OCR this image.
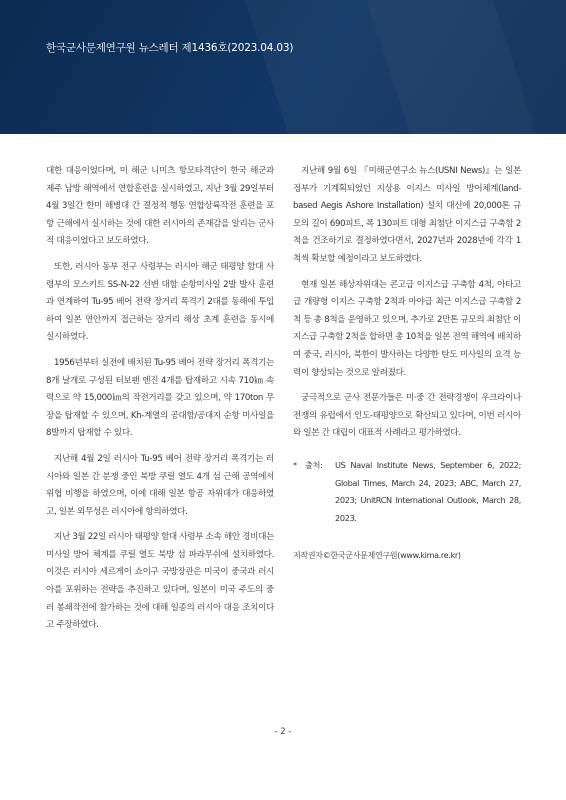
한국군사문제연구원 뉴스레터 제1436호(2023.04.03)

대한 대응이었다며, 미 해군 니미츠 항모타격단이 한국 해군과 제주 남방 해역에서 연합훈련을 실시하였고, 지난 3월 29일부터 4월 3일간 한미 해병대 간 결정적 행동 연합상륙작전 훈련을 포항 근해에서 실시하는 것에 대한 러시아의 존재감을 알리는 군사적 대응이었다고 보도하였다.

또한, 러시아 동부 전구 사령부는 러시아 해군 태평양 함대 사령부의 모스키트 SS-N-22 선변 대함 순항미사일 2발 발사 훈련과 연계하여 Tu-95 베어 전략 장거리 폭격기 2대를 동해에 투입하여 일본 연안까지 접근하는 장거리 해상 초계 훈련을 동시에 실시하였다.

1956년부터 실전에 배치된 Tu-95 베어 전략 장거리 폭격기는 8개 날개로 구성된 터보팬 엔진 4개를 탑재하고 시속 710㎞ 속력으로 약 15,000㎞의 작전거리를 갖고 있으며, 약 170ton 무장을 탑재할 수 있으며, Kh-계열의 공대함/공대지 순항 미사일을 8발까지 탑재할 수 있다.

지난해 4월 2일 러시아 Tu-95 베어 전략 장거리 폭격기는 러시아와 일본 간 분쟁 중인 북방 쿠릴 열도 4개 섬 근해 공역에서 위협 비행을 하였으며, 이에 대해 일본 항공 자위대가 대응하였고, 일본 외무성은 러시아에 항의하였다.

지난 3월 22일 러시아 태평양 함대 사령부 소속 해안 경비대는 미사일 방어 체계를 쿠릴 열도 북방 섬 파라무쉬에 설치하였다. 이것은 러시아 세르게이 쇼이구 국방장관은 미국이 중국과 러시아를 포위하는 전략을 추진하고 있다며, 일본이 미국 주도의 중러 봉쇄작전에 참가하는 것에 대해 일종의 러시아 대응 조치이다고 주장하였다.

지난해 9월 6일 『미해군연구소 뉴스(USNI News)』는 일본 정부가 기계획되었던 지상용 이지스 미사일 방어체계(land-based Aegis Ashore Installation) 설치 대신에 20,000톤 규모의 길이 690피트, 폭 130피트 대형 최첨단 이지스급 구축함 2척을 건조하기로 결정하였다면서, 2027년과 2028년에 각각 1척씩 확보할 예정이라고 보도하였다.

현재 일본 해상자위대는 콘고급 이지스급 구축함 4척, 아타고급 개량형 이지스 구축함 2척과 마야급 최근 이지스급 구축함 2척 등 총 8척을 운영하고 있으며, 추가로 2만톤 규모의 최첨단 이지스급 구축함 2척을 합하면 총 10척을 일본 전역 해역에 배치하여 중국, 러시아, 북한이 발사하는 다양한 탄도 미사일의 요격 능력이 향상되는 것으로 알려졌다.

궁극적으로 군사 전문가들은 미·중 간 전략경쟁이 우크라이나 전쟁의 유럽에서 인도-태평양으로 확산되고 있다며, 이번 러시아와 일본 간 대립이 대표적 사례라고 평가하였다.

*	출처:	US Naval Institute News, September 6, 2022; Global Times, March 24, 2023; ABC, March 27, 2023; UnitRCN International Outlook, March 28, 2023.
저작권자©한국군사문제연구원(www.kima.re.kr)
- 2 -
